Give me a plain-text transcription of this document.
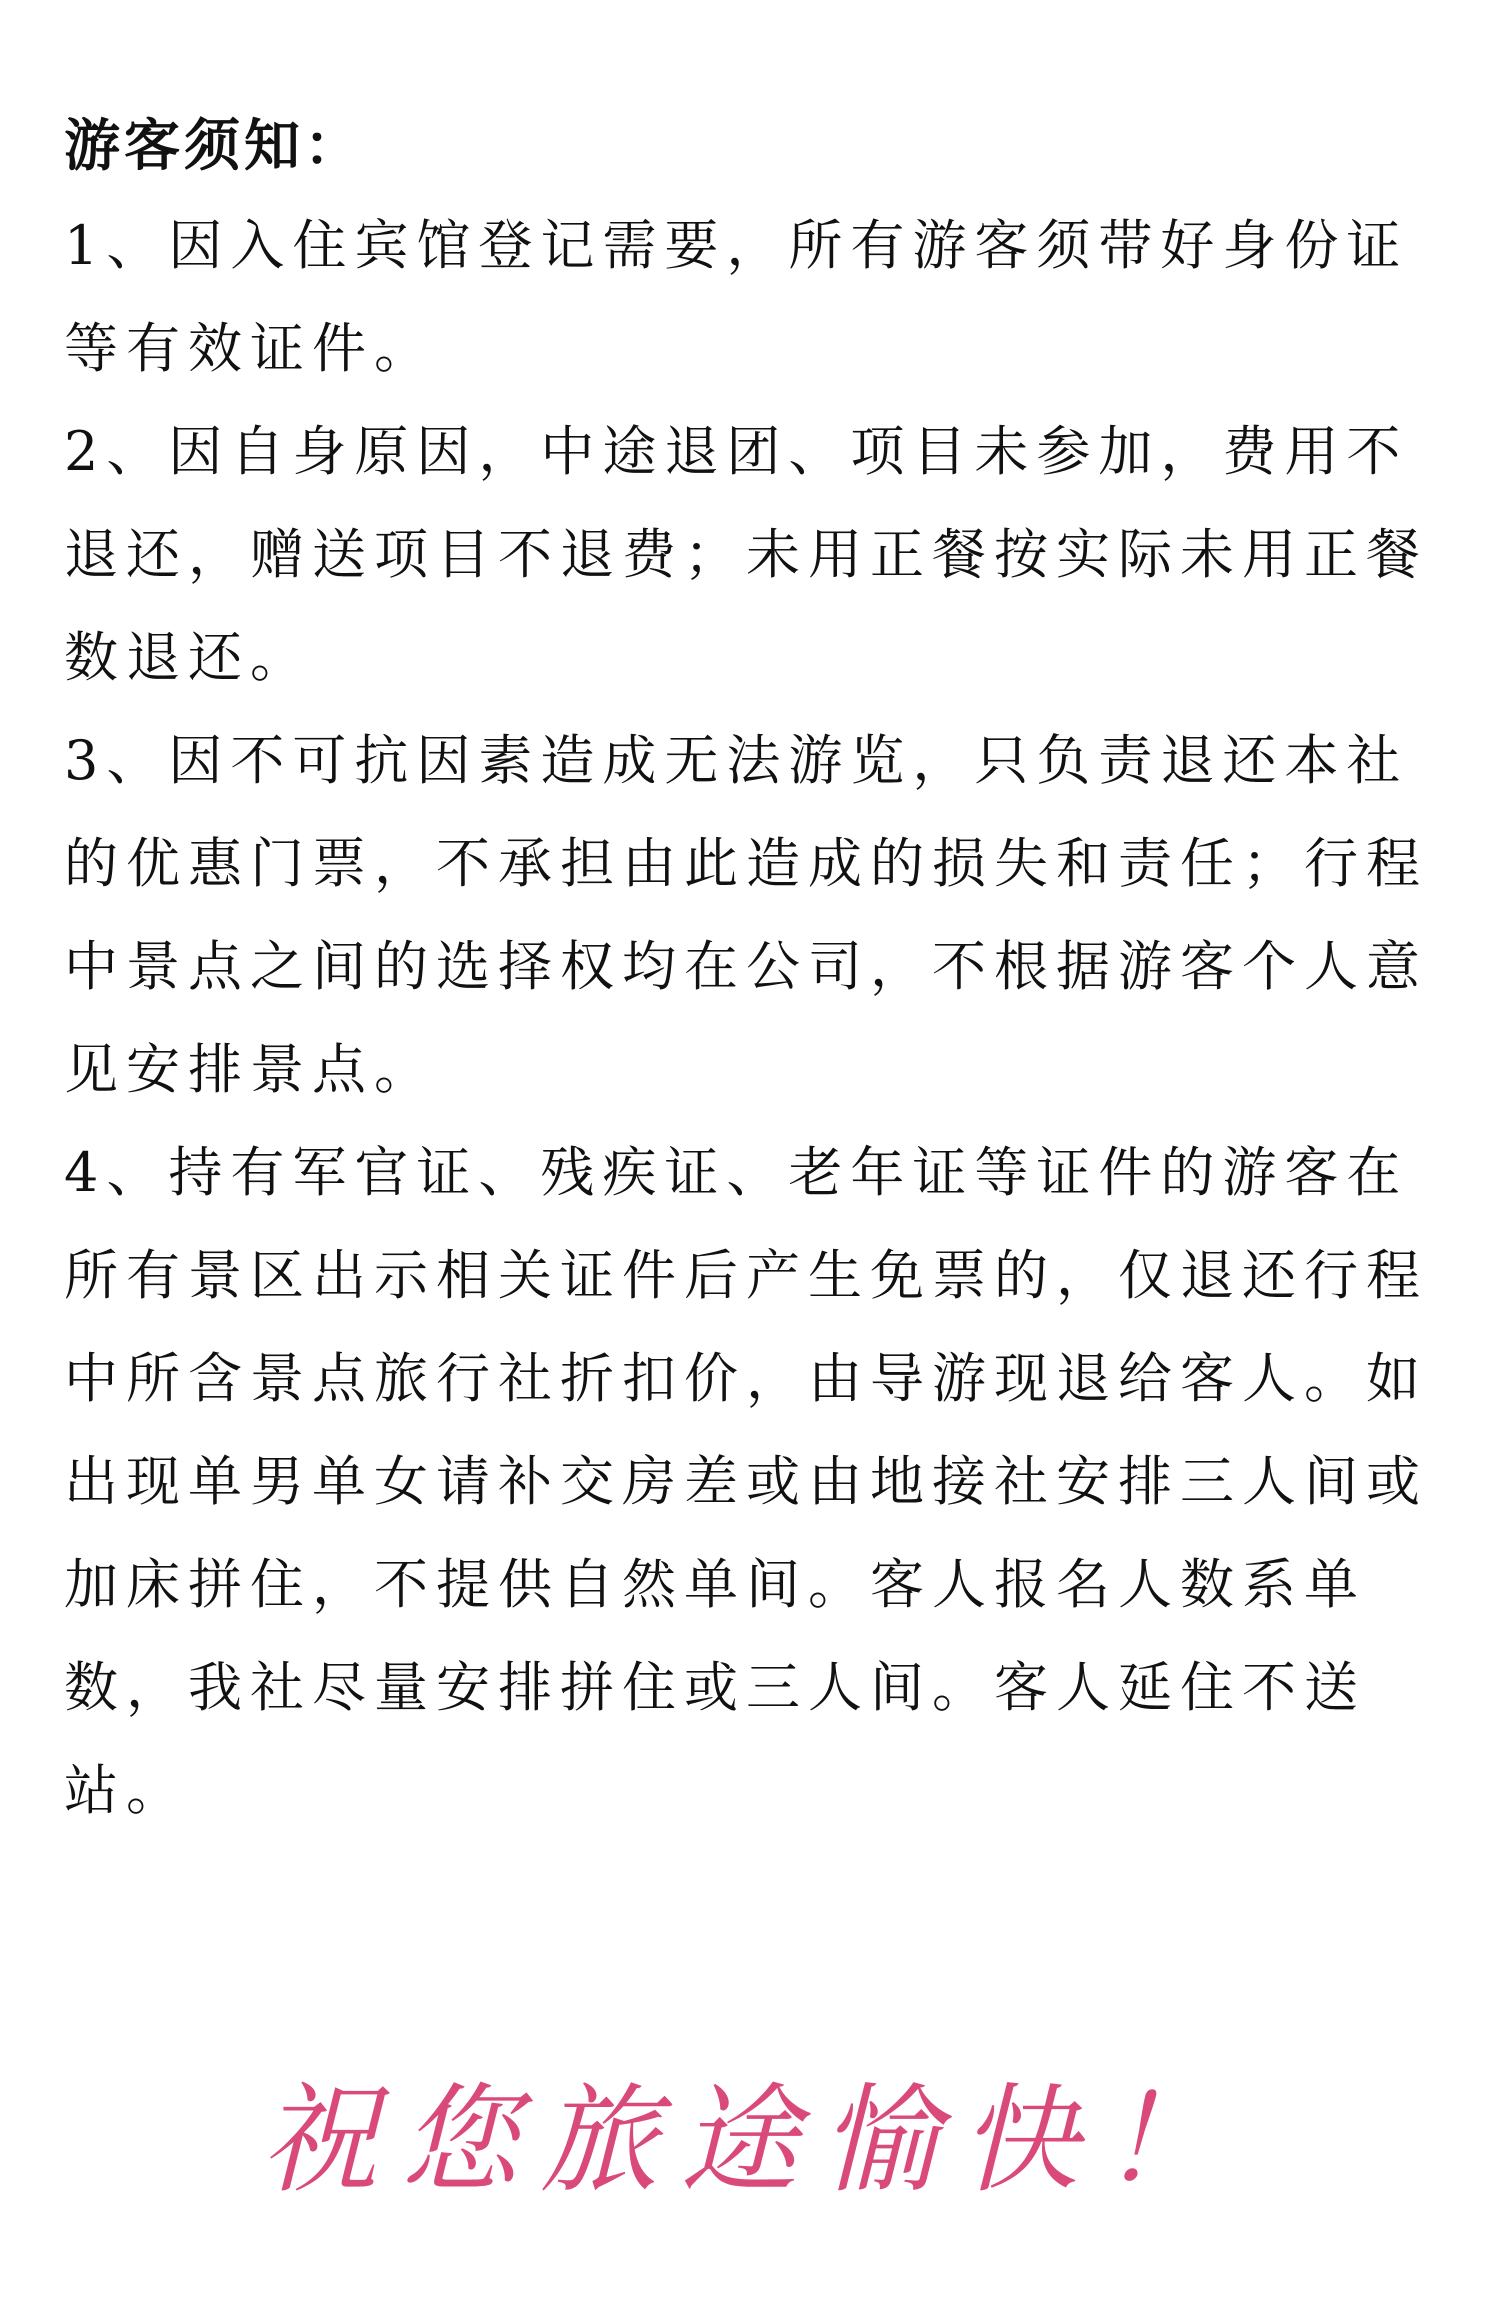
游客须知：

1、因入住宾馆登记需要，所有游客须带好身份证等有效证件。

2、因自身原因，中途退团、项目未参加，费用不退还，赠送项目不退费；未用正餐按实际未用正餐数退还。

3、因不可抗因素造成无法游览，只负责退还本社的优惠门票，不承担由此造成的损失和责任；行程中景点之间的选择权均在公司，不根据游客个人意见安排景点。

4、持有军官证、残疾证、老年证等证件的游客在所有景区出示相关证件后产生免票的，仅退还行程中所含景点旅行社折扣价，由导游现退给客人。如出现单男单女请补交房差或由地接社安排三人间或加床拼住，不提供自然单间。客人报名人数系单数，我社尽量安排拼住或三人间。客人延住不送站。

祝您旅途愉快！
